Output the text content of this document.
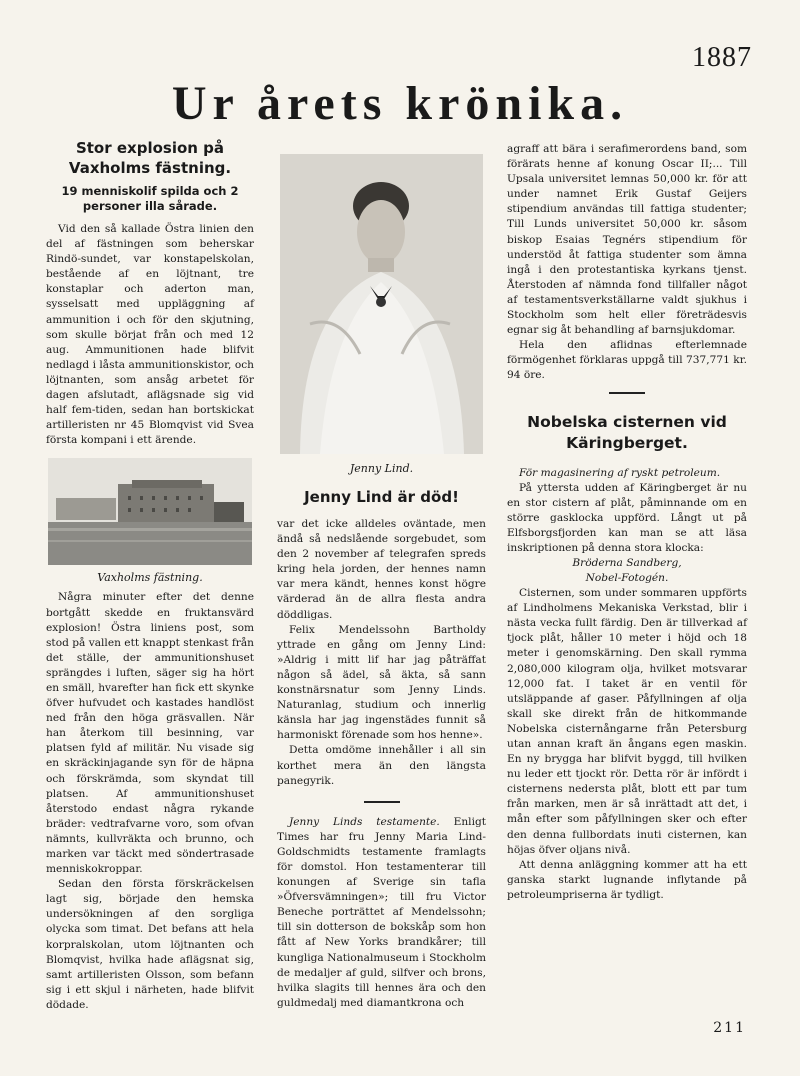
1887
Ur årets krönika.
Stor explosion på Vaxholms fästning.
19 menniskolif spilda och 2 personer illa sårade.

Vid den så kallade Östra linien den del af fästningen som beherskar Rindö-sundet, var konstapelskolan, bestående af en löjtnant, tre konstaplar och aderton man, sysselsatt med uppläggning af ammunition i och för den skjutning, som skulle börjat från och med 12 aug. Ammunitionen hade blifvit nedlagd i låsta ammunitionskistor, och löjtnanten, som ansåg arbetet för dagen afslutadt, aflägsnade sig vid half fem-tiden, sedan han bortskickat artilleristen nr 45 Blomqvist vid Svea första kompani i ett ärende.

Vaxholms fästning.

Några minuter efter det denne bortgått skedde en fruktansvärd explosion! Östra liniens post, som stod på vallen ett knappt stenkast från det ställe, der ammunitionshuset sprängdes i luften, säger sig ha hört en smäll, hvarefter han fick ett skynke öfver hufvudet och kastades handlöst ned från den höga gräsvallen. När han återkom till besinning, var platsen fyld af militär. Nu visade sig en skräckinjagande syn för de häpna och förskrämda, som skyndat till platsen. Af ammunitionshuset återstodo endast några rykande bräder: vedtrafvarne voro, som ofvan nämnts, kullvräkta och brunno, och marken var täckt med söndertrasade menniskokroppar.

Sedan den första förskräckelsen lagt sig, började den hemska undersökningen af den sorgliga olycka som timat. Det befans att hela korpralskolan, utom löjtnanten och Blomqvist, hvilka hade aflägsnat sig, samt artilleristen Olsson, som befann sig i ett skjul i närheten, hade blifvit dödade.

Jenny Lind.
Jenny Lind är död!

var det icke alldeles oväntade, men ändå så nedslående sorgebudet, som den 2 november af telegrafen spreds kring hela jorden, der hennes namn var mera kändt, hennes konst högre värderad än de allra flesta andra döddligas.

Felix Mendelssohn Bartholdy yttrade en gång om Jenny Lind: »Aldrig i mitt lif har jag påträffat någon så ädel, så äkta, så sann konstnärsnatur som Jenny Linds. Naturanlag, studium och innerlig känsla har jag ingenstädes funnit så harmoniskt förenade som hos henne».

Detta omdöme innehåller i all sin korthet mera än den längsta panegyrik.

Jenny Linds testamente. Enligt Times har fru Jenny Maria Lind-Goldschmidts testamente framlagts för domstol. Hon testamenterar till konungen af Sverige sin tafla »Öfversvämningen»; till fru Victor Beneche porträttet af Mendelssohn; till sin dotterson de bokskåp som hon fått af New Yorks brandkårer; till kungliga Nationalmuseum i Stockholm de medaljer af guld, silfver och brons, hvilka slagits till hennes ära och den guldmedalj med diamantkrona och

agraff att bära i serafimerordens band, som förärats henne af konung Oscar II;... Till Upsala universitet lemnas 50,000 kr. för att under namnet Erik Gustaf Geijers stipendium användas till fattiga studenter; Till Lunds universitet 50,000 kr. såsom biskop Esaias Tegnérs stipendium för understöd åt fattiga studenter som ämna ingå i den protestantiska kyrkans tjenst. Återstoden af nämnda fond tillfaller något af testamentsverkställarne valdt sjukhus i Stockholm som helt eller företrädesvis egnar sig åt behandling af barnsjukdomar.

Hela den aflidnas efterlemnade förmögenhet förklaras uppgå till 737,771 kr. 94 öre.

Nobelska cisternen vid Käringberget.

För magasinering af ryskt petroleum.

På yttersta udden af Käringberget är nu en stor cistern af plåt, påminnande om en större gasklocka uppförd. Långt ut på Elfsborgsfjorden kan man se att läsa inskriptionen på denna stora klocka:

Bröderna Sandberg,
Nobel-Fotogén.

Cisternen, som under sommaren uppförts af Lindholmens Mekaniska Verkstad, blir i nästa vecka fullt färdig. Den är tillverkad af tjock plåt, håller 10 meter i höjd och 18 meter i genomskärning. Den skall rymma 2,080,000 kilogram olja, hvilket motsvarar 12,000 fat. I taket är en ventil för utsläppande af gaser. Påfyllningen af olja skall ske direkt från de hitkommande Nobelska cisternångarne från Petersburg utan annan kraft än ångans egen maskin. En ny brygga har blifvit byggd, till hvilken nu leder ett tjockt rör. Detta rör är infördt i cisternens nedersta plåt, blott ett par tum från marken, men är så inrättadt att det, i mån efter som påfyllningen sker och efter den denna fullbordats inuti cisternen, kan höjas öfver oljans nivå.

Att denna anläggning kommer att ha ett ganska starkt lugnande inflytande på petroleumpriserna är tydligt.

211
